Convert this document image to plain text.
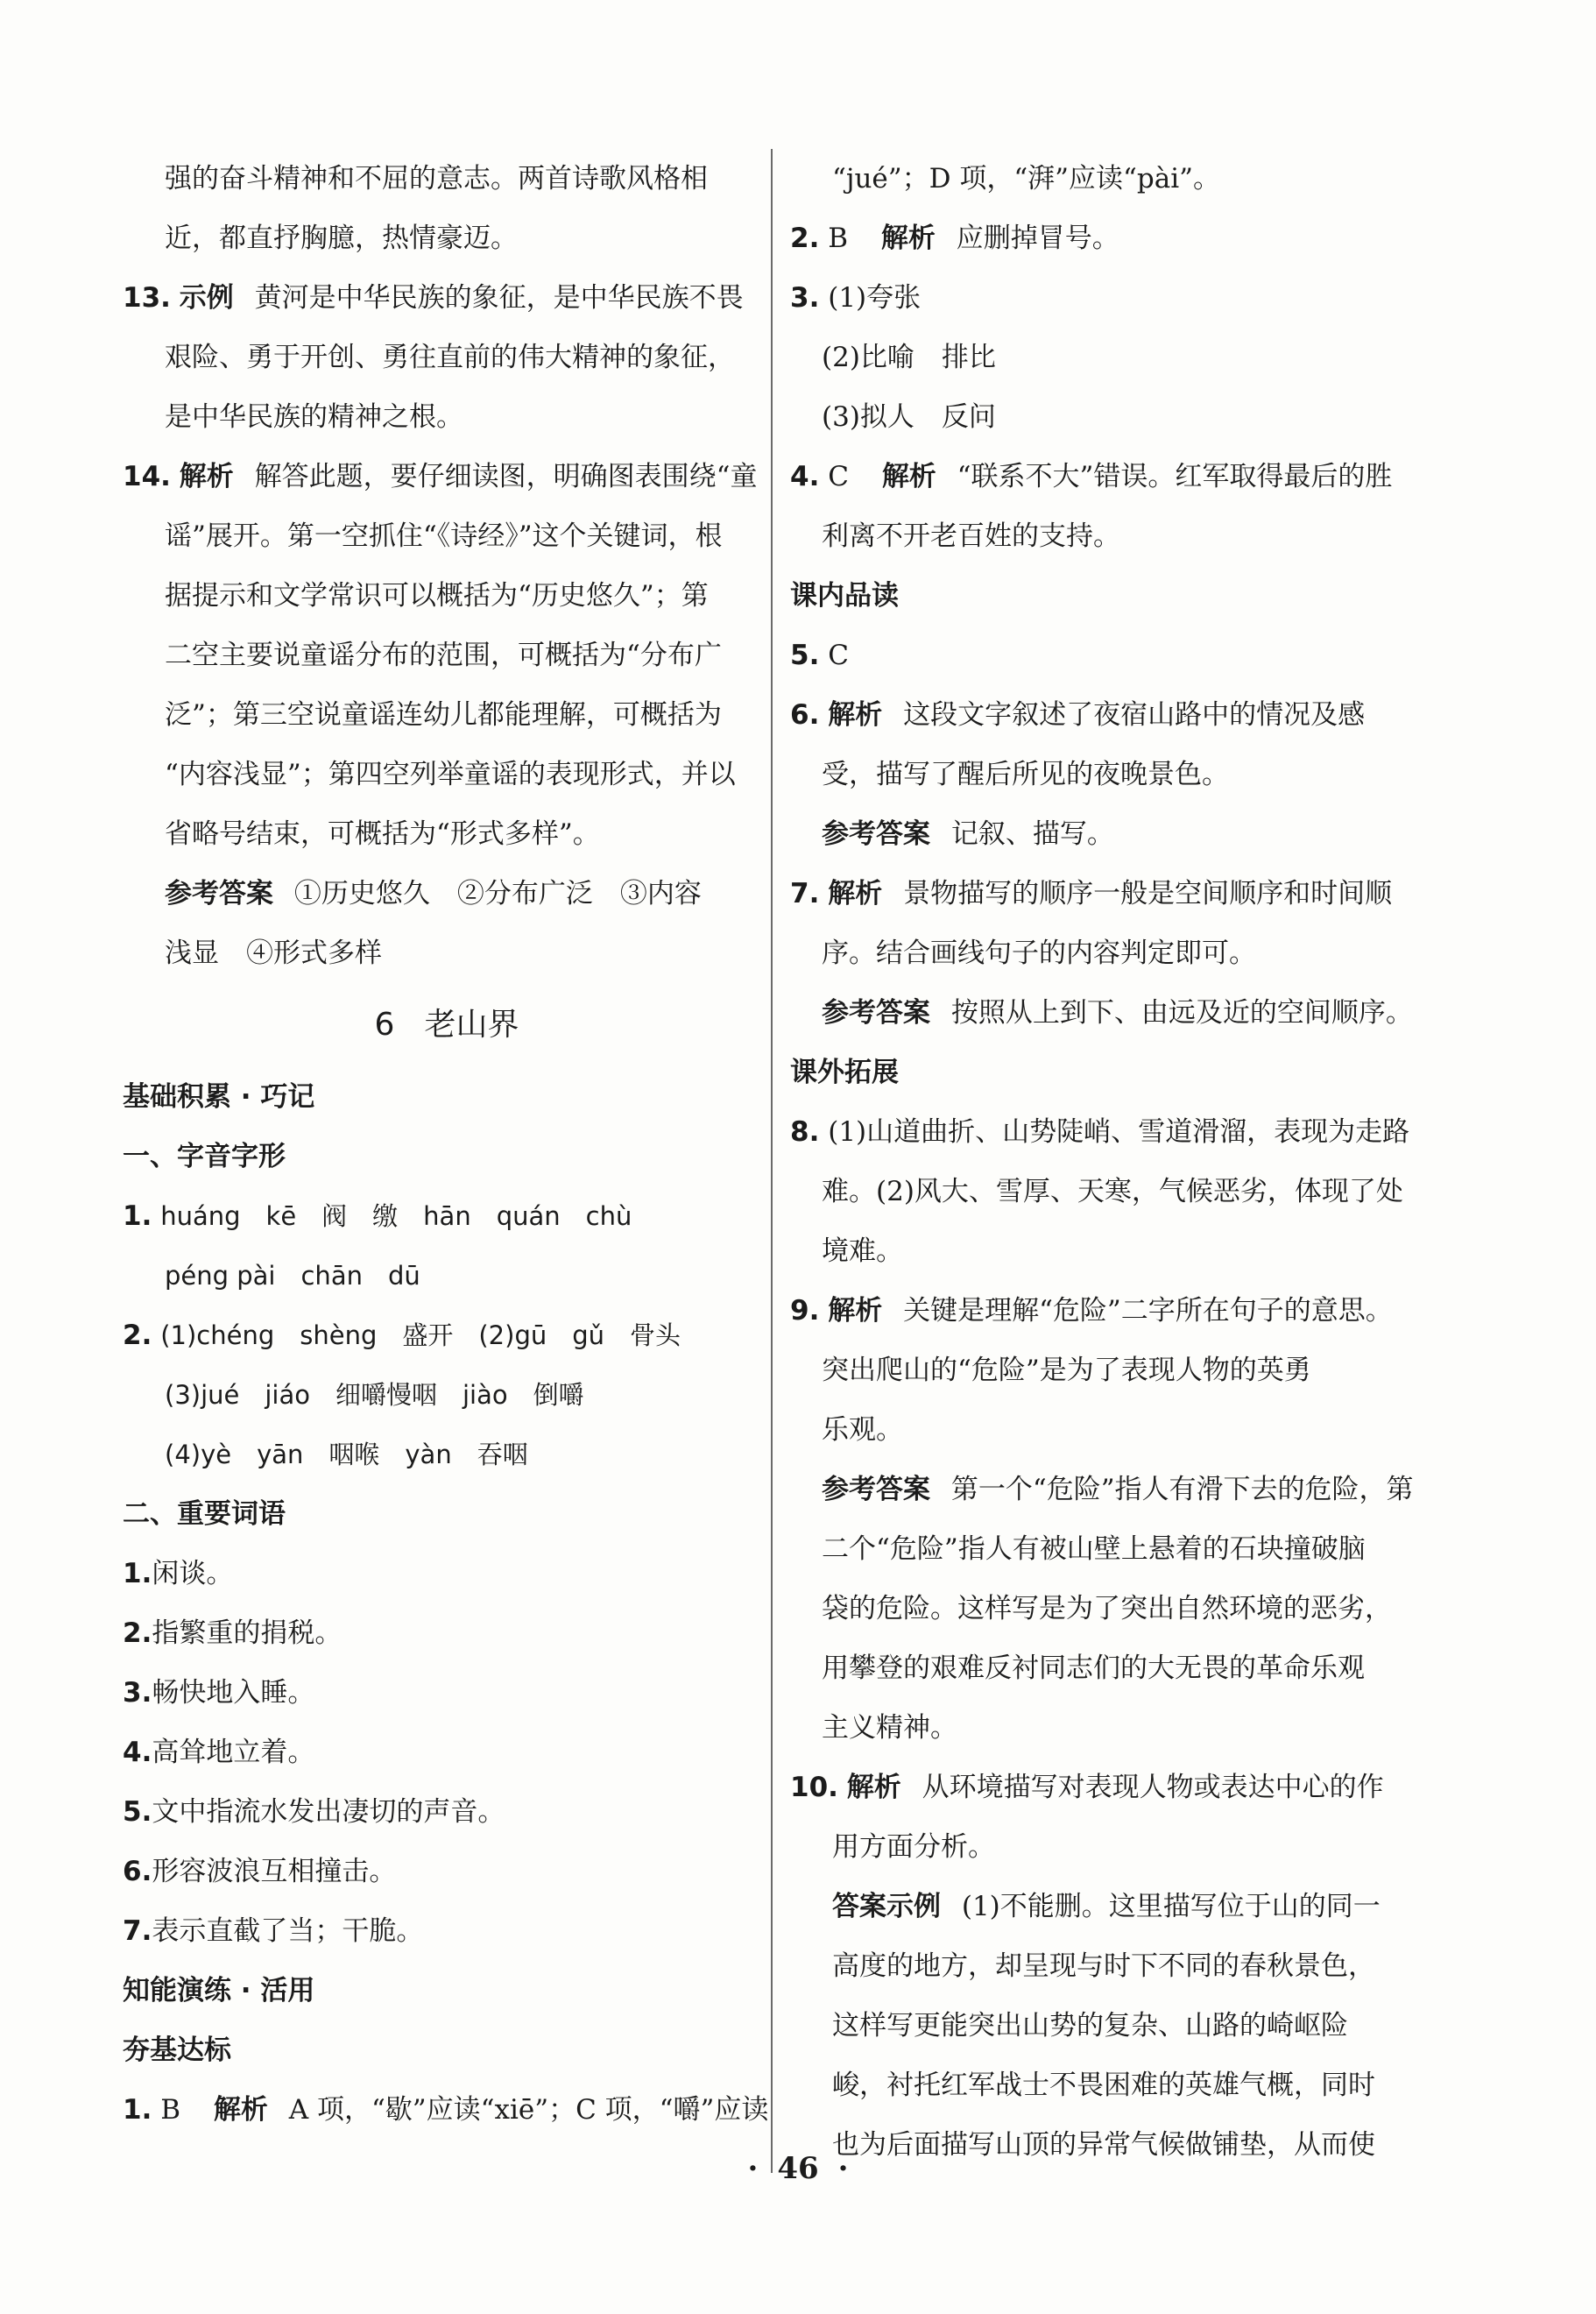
强的奋斗精神和不屈的意志。两首诗歌风格相
近，都直抒胸臆，热情豪迈。
13. 示例 黄河是中华民族的象征，是中华民族不畏
艰险、勇于开创、勇往直前的伟大精神的象征，
是中华民族的精神之根。
14. 解析 解答此题，要仔细读图，明确图表围绕“童
谣”展开。第一空抓住“《诗经》”这个关键词，根
据提示和文学常识可以概括为“历史悠久”；第
二空主要说童谣分布的范围，可概括为“分布广
泛”；第三空说童谣连幼儿都能理解，可概括为
“内容浅显”；第四空列举童谣的表现形式，并以
省略号结束，可概括为“形式多样”。
参考答案 ①历史悠久　②分布广泛　③内容
浅显　④形式多样
6 老山界
基础积累 · 巧记
一、字音字形
1. huáng　kē　阀　缴　hān　quán　chù
péng pài　chān　dū
2. (1)chéng　shèng　盛开　(2)gū　gǔ　骨头
(3)jué　jiáo　细嚼慢咽　jiào　倒嚼
(4)yè　yān　咽喉　yàn　吞咽
二、重要词语
1.闲谈。
2.指繁重的捐税。
3.畅快地入睡。
4.高耸地立着。
5.文中指流水发出凄切的声音。
6.形容波浪互相撞击。
7.表示直截了当；干脆。
知能演练 · 活用
夯基达标
1. B 解析 A 项，“歇”应读“xiē”；C 项，“嚼”应读
“jué”；D 项，“湃”应读“pài”。
2. B 解析 应删掉冒号。
3. (1)夸张
(2)比喻　排比
(3)拟人　反问
4. C 解析 “联系不大”错误。红军取得最后的胜
利离不开老百姓的支持。
课内品读
5. C
6. 解析 这段文字叙述了夜宿山路中的情况及感
受，描写了醒后所见的夜晚景色。
参考答案 记叙、描写。
7. 解析 景物描写的顺序一般是空间顺序和时间顺
序。结合画线句子的内容判定即可。
参考答案 按照从上到下、由远及近的空间顺序。
课外拓展
8. (1)山道曲折、山势陡峭、雪道滑溜，表现为走路
难。(2)风大、雪厚、天寒，气候恶劣，体现了处
境难。
9. 解析 关键是理解“危险”二字所在句子的意思。
突出爬山的“危险”是为了表现人物的英勇
乐观。
参考答案 第一个“危险”指人有滑下去的危险，第
二个“危险”指人有被山壁上悬着的石块撞破脑
袋的危险。这样写是为了突出自然环境的恶劣，
用攀登的艰难反衬同志们的大无畏的革命乐观
主义精神。
10. 解析 从环境描写对表现人物或表达中心的作
用方面分析。
答案示例 (1)不能删。这里描写位于山的同一
高度的地方，却呈现与时下不同的春秋景色，
这样写更能突出山势的复杂、山路的崎岖险
峻，衬托红军战士不畏困难的英雄气概，同时
也为后面描写山顶的异常气候做铺垫，从而使
· 46 ·
